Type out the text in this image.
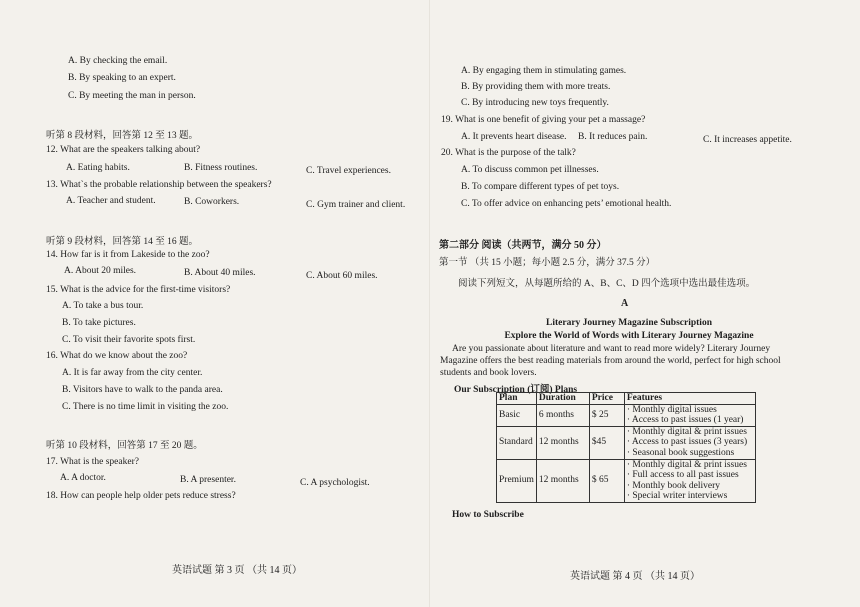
A. By checking the email.
B. By speaking to an expert.
C. By meeting the man in person.
听第 8 段材料，回答第 12 至 13 题。
12. What are the speakers talking about?
A. Eating habits.	B. Fitness routines.	C. Travel experiences.
13. What`s the probable relationship between the speakers?
A. Teacher and student.	B. Coworkers.	C. Gym trainer and client.
听第 9 段材料，回答第 14 至 16 题。
14. How far is it from Lakeside to the zoo?
A. About 20 miles.	B. About 40 miles.	C. About 60 miles.
15. What is the advice for the first-time visitors?
A. To take a bus tour.
B. To take pictures.
C. To visit their favorite spots first.
16. What do we know about the zoo?
A. It is far away from the city center.
B. Visitors have to walk to the panda area.
C. There is no time limit in visiting the zoo.
听第 10 段材料，回答第 17 至 20 题。
17. What is the speaker?
A. A doctor.	B. A presenter.	C. A psychologist.
18. How can people help older pets reduce stress?
英语试题 第 3 页 （共 14 页）
A. By engaging them in stimulating games.
B. By providing them with more treats.
C. By introducing new toys frequently.
19. What is one benefit of giving your pet a massage?
A. It prevents heart disease. B. It reduces pain.	C. It increases appetite.
20. What is the purpose of the talk?
A. To discuss common pet illnesses.
B. To compare different types of pet toys.
C. To offer advice on enhancing pets’ emotional health.
第二部分 阅读（共两节，满分 50 分）
第一节 （共 15 小题；每小题 2.5 分，满分 37.5 分）
阅读下列短文，从每题所给的 A、B、C、D 四个选项中选出最佳选项。
A
Literary Journey Magazine Subscription
Explore the World of Words with Literary Journey Magazine
Are you passionate about literature and want to read more widely? Literary Journey
Magazine offers the best reading materials from around the world, perfect for high school
students and book lovers.
Our Subscription (订阅) Plans
Plan	Duration	Price	Features
Basic	6 months	$ 25	· Monthly digital issues
· Access to past issues (1 year)

Standard	12 months	$45	· Monthly digital & print issues
· Access to past issues (3 years)
· Seasonal book suggestions

Premium	12 months	$ 65	· Monthly digital & print issues
· Full access to all past issues
· Monthly book delivery
· Special writer interviews
How to Subscribe
英语试题 第 4 页 （共 14 页）
